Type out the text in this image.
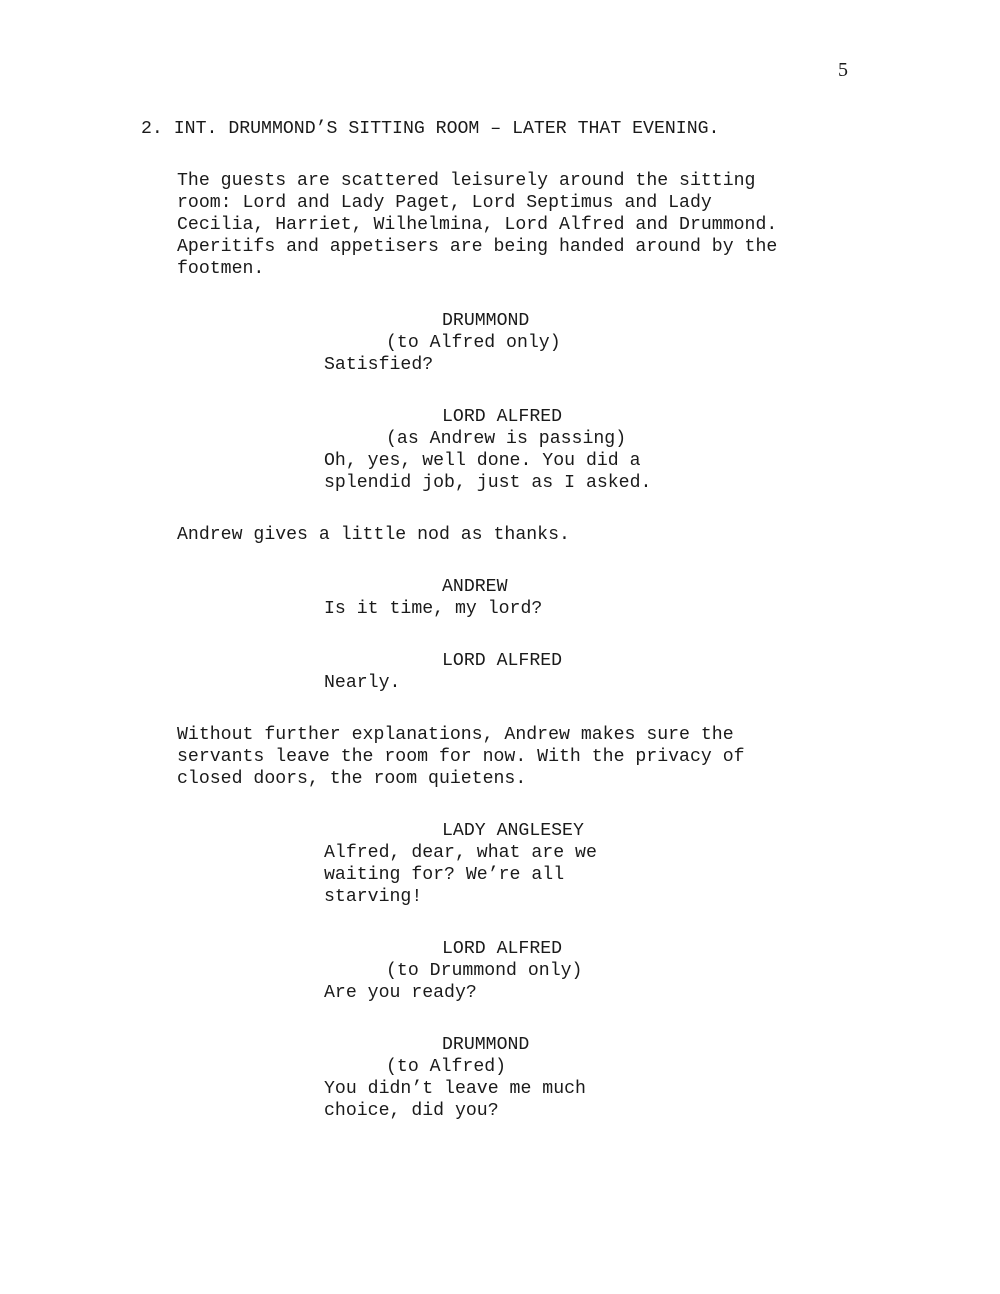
5
2. INT. DRUMMOND’S SITTING ROOM – LATER THAT EVENING.
The guests are scattered leisurely around the sitting
room: Lord and Lady Paget, Lord Septimus and Lady
Cecilia, Harriet, Wilhelmina, Lord Alfred and Drummond.
Aperitifs and appetisers are being handed around by the
footmen.
DRUMMOND
(to Alfred only)
Satisfied?
LORD ALFRED
(as Andrew is passing)
Oh, yes, well done. You did a
splendid job, just as I asked.
Andrew gives a little nod as thanks.
ANDREW
Is it time, my lord?
LORD ALFRED
Nearly.
Without further explanations, Andrew makes sure the
servants leave the room for now. With the privacy of
closed doors, the room quietens.
LADY ANGLESEY
Alfred, dear, what are we
waiting for? We’re all
starving!
LORD ALFRED
(to Drummond only)
Are you ready?
DRUMMOND
(to Alfred)
You didn’t leave me much
choice, did you?
